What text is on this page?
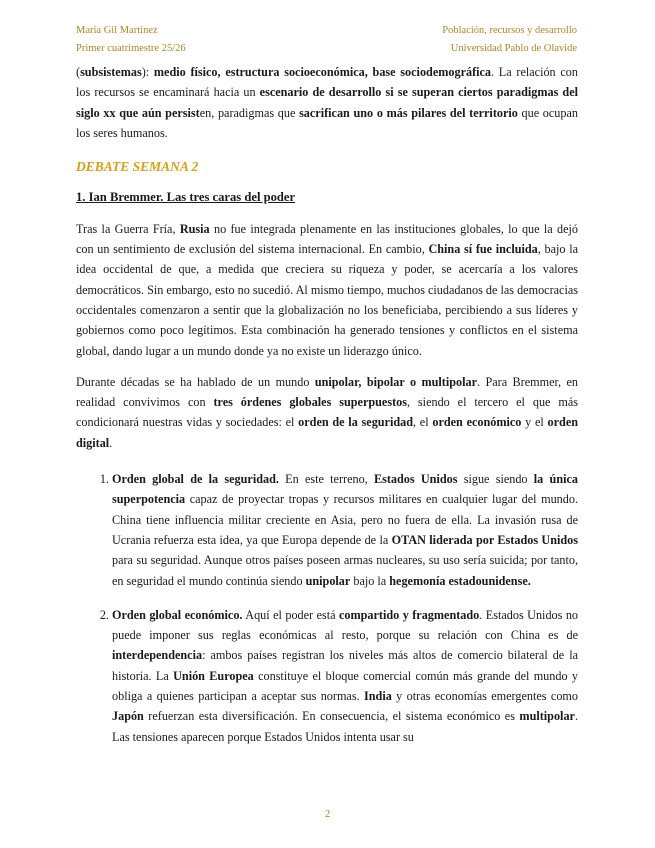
María Gil Martínez
Primer cuatrimestre 25/26
Población, recursos y desarrollo
Universidad Pablo de Olavide

(subsistemas): medio físico, estructura socioeconómica, base sociodemográfica. La relación con los recursos se encaminará hacia un escenario de desarrollo si se superan ciertos paradigmas del siglo xx que aún persisten, paradigmas que sacrifican uno o más pilares del territorio que ocupan los seres humanos.

DEBATE SEMANA 2
1. Ian Bremmer. Las tres caras del poder

Tras la Guerra Fría, Rusia no fue integrada plenamente en las instituciones globales, lo que la dejó con un sentimiento de exclusión del sistema internacional. En cambio, China sí fue incluida, bajo la idea occidental de que, a medida que creciera su riqueza y poder, se acercaría a los valores democráticos. Sin embargo, esto no sucedió. Al mismo tiempo, muchos ciudadanos de las democracias occidentales comenzaron a sentir que la globalización no los beneficiaba, percibiendo a sus líderes y gobiernos como poco legítimos. Esta combinación ha generado tensiones y conflictos en el sistema global, dando lugar a un mundo donde ya no existe un liderazgo único.

Durante décadas se ha hablado de un mundo unipolar, bipolar o multipolar. Para Bremmer, en realidad convivimos con tres órdenes globales superpuestos, siendo el tercero el que más condicionará nuestras vidas y sociedades: el orden de la seguridad, el orden económico y el orden digital.

1. Orden global de la seguridad. En este terreno, Estados Unidos sigue siendo la única superpotencia capaz de proyectar tropas y recursos militares en cualquier lugar del mundo. China tiene influencia militar creciente en Asia, pero no fuera de ella. La invasión rusa de Ucrania refuerza esta idea, ya que Europa depende de la OTAN liderada por Estados Unidos para su seguridad. Aunque otros países poseen armas nucleares, su uso sería suicida; por tanto, en seguridad el mundo continúa siendo unipolar bajo la hegemonía estadounidense.
2. Orden global económico. Aquí el poder está compartido y fragmentado. Estados Unidos no puede imponer sus reglas económicas al resto, porque su relación con China es de interdependencia: ambos países registran los niveles más altos de comercio bilateral de la historia. La Unión Europea constituye el bloque comercial común más grande del mundo y obliga a quienes participan a aceptar sus normas. India y otras economías emergentes como Japón refuerzan esta diversificación. En consecuencia, el sistema económico es multipolar. Las tensiones aparecen porque Estados Unidos intenta usar su
2
